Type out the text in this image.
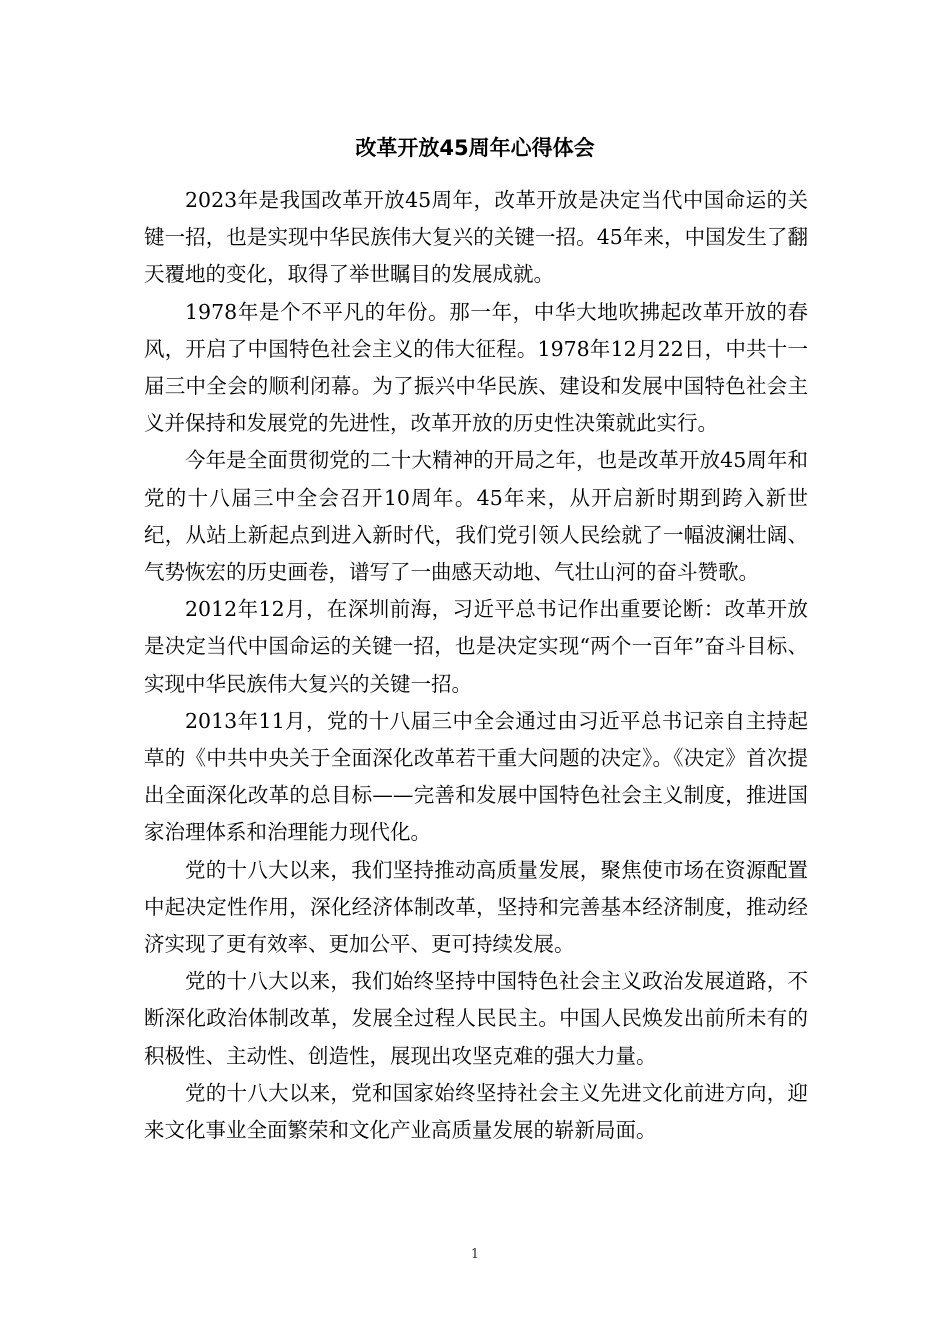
改革开放45周年心得体会

2023年是我国改革开放45周年，改革开放是决定当代中国命运的关键一招，也是实现中华民族伟大复兴的关键一招。45年来，中国发生了翻天覆地的变化，取得了举世瞩目的发展成就。

1978年是个不平凡的年份。那一年，中华大地吹拂起改革开放的春风，开启了中国特色社会主义的伟大征程。1978年12月22日，中共十一届三中全会的顺利闭幕。为了振兴中华民族、建设和发展中国特色社会主义并保持和发展党的先进性，改革开放的历史性决策就此实行。

今年是全面贯彻党的二十大精神的开局之年，也是改革开放45周年和党的十八届三中全会召开10周年。45年来，从开启新时期到跨入新世纪，从站上新起点到进入新时代，我们党引领人民绘就了一幅波澜壮阔、气势恢宏的历史画卷，谱写了一曲感天动地、气壮山河的奋斗赞歌。

2012年12月，在深圳前海，习近平总书记作出重要论断：改革开放是决定当代中国命运的关键一招，也是决定实现“两个一百年”奋斗目标、实现中华民族伟大复兴的关键一招。

2013年11月，党的十八届三中全会通过由习近平总书记亲自主持起草的《中共中央关于全面深化改革若干重大问题的决定》。《决定》首次提出全面深化改革的总目标——完善和发展中国特色社会主义制度，推进国家治理体系和治理能力现代化。

党的十八大以来，我们坚持推动高质量发展，聚焦使市场在资源配置中起决定性作用，深化经济体制改革，坚持和完善基本经济制度，推动经济实现了更有效率、更加公平、更可持续发展。

党的十八大以来，我们始终坚持中国特色社会主义政治发展道路，不断深化政治体制改革，发展全过程人民民主。中国人民焕发出前所未有的积极性、主动性、创造性，展现出攻坚克难的强大力量。

党的十八大以来，党和国家始终坚持社会主义先进文化前进方向，迎来文化事业全面繁荣和文化产业高质量发展的崭新局面。

1
